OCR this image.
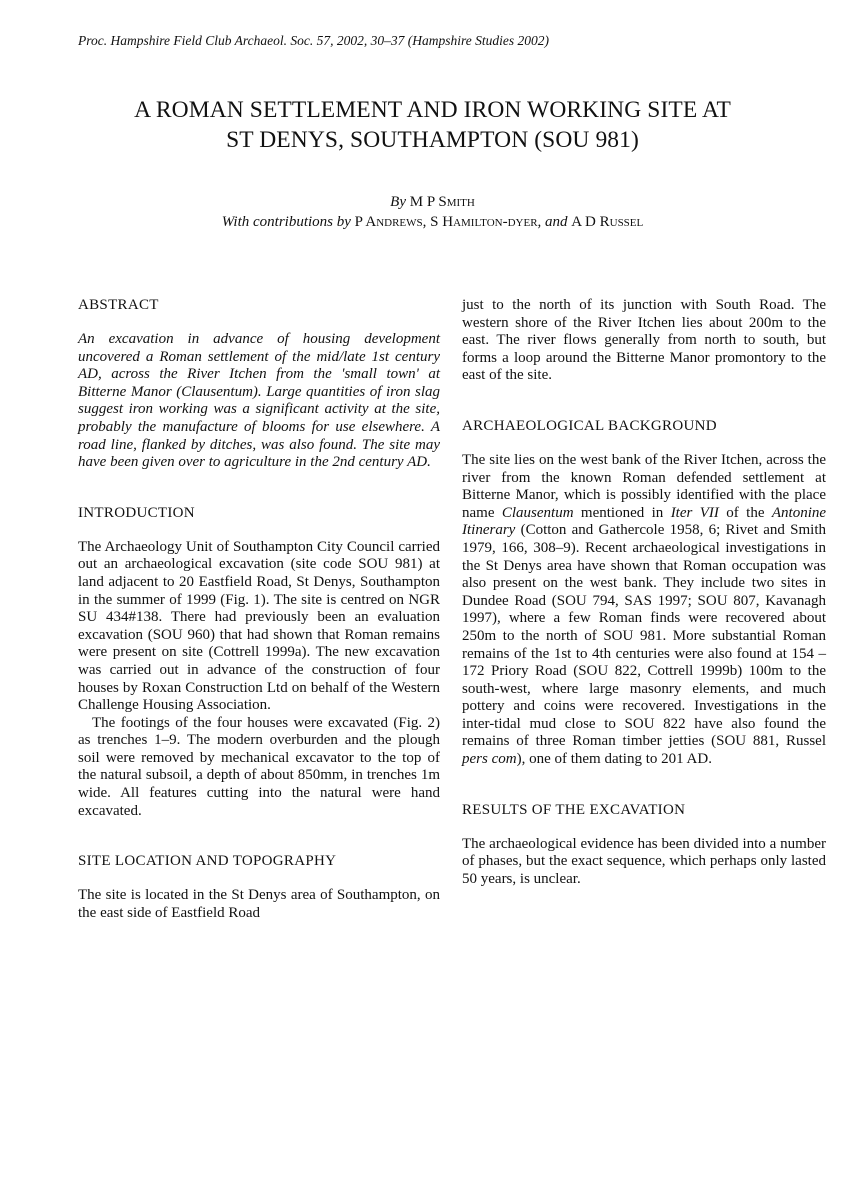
Proc. Hampshire Field Club Archaeol. Soc. 57, 2002, 30–37 (Hampshire Studies 2002)
A ROMAN SETTLEMENT AND IRON WORKING SITE AT
ST DENYS, SOUTHAMPTON (SOU 981)
By M P Smith
With contributions by P Andrews, S Hamilton-dyer, and A D Russel
ABSTRACT

An excavation in advance of housing development uncovered a Roman settlement of the mid/late 1st century AD, across the River Itchen from the 'small town' at Bitterne Manor (Clausentum). Large quantities of iron slag suggest iron working was a significant activity at the site, probably the manufacture of blooms for use elsewhere. A road line, flanked by ditches, was also found. The site may have been given over to agriculture in the 2nd century AD.

INTRODUCTION

The Archaeology Unit of Southampton City Council carried out an archaeological excavation (site code SOU 981) at land adjacent to 20 Eastfield Road, St Denys, Southampton in the summer of 1999 (Fig. 1). The site is centred on NGR SU 434#138. There had previously been an evaluation excavation (SOU 960) that had shown that Roman remains were present on site (Cottrell 1999a). The new excavation was carried out in advance of the construction of four houses by Roxan Construction Ltd on behalf of the Western Challenge Housing Association.

The footings of the four houses were excavated (Fig. 2) as trenches 1–9. The modern overburden and the plough soil were removed by mechanical excavator to the top of the natural subsoil, a depth of about 850mm, in trenches 1m wide. All features cutting into the natural were hand excavated.

SITE LOCATION AND TOPOGRAPHY

The site is located in the St Denys area of Southampton, on the east side of Eastfield Road

just to the north of its junction with South Road. The western shore of the River Itchen lies about 200m to the east. The river flows generally from north to south, but forms a loop around the Bitterne Manor promontory to the east of the site.

ARCHAEOLOGICAL BACKGROUND

The site lies on the west bank of the River Itchen, across the river from the known Roman defended settlement at Bitterne Manor, which is possibly identified with the place name Clausentum mentioned in Iter VII of the Antonine Itinerary (Cotton and Gathercole 1958, 6; Rivet and Smith 1979, 166, 308–9). Recent archaeological investigations in the St Denys area have shown that Roman occupation was also present on the west bank. They include two sites in Dundee Road (SOU 794, SAS 1997; SOU 807, Kavanagh 1997), where a few Roman finds were recovered about 250m to the north of SOU 981. More substantial Roman remains of the 1st to 4th centuries were also found at 154 – 172 Priory Road (SOU 822, Cottrell 1999b) 100m to the south-west, where large masonry elements, and much pottery and coins were recovered. Investigations in the inter-tidal mud close to SOU 822 have also found the remains of three Roman timber jetties (SOU 881, Russel pers com), one of them dating to 201 AD.

RESULTS OF THE EXCAVATION

The archaeological evidence has been divided into a number of phases, but the exact sequence, which perhaps only lasted 50 years, is unclear.
